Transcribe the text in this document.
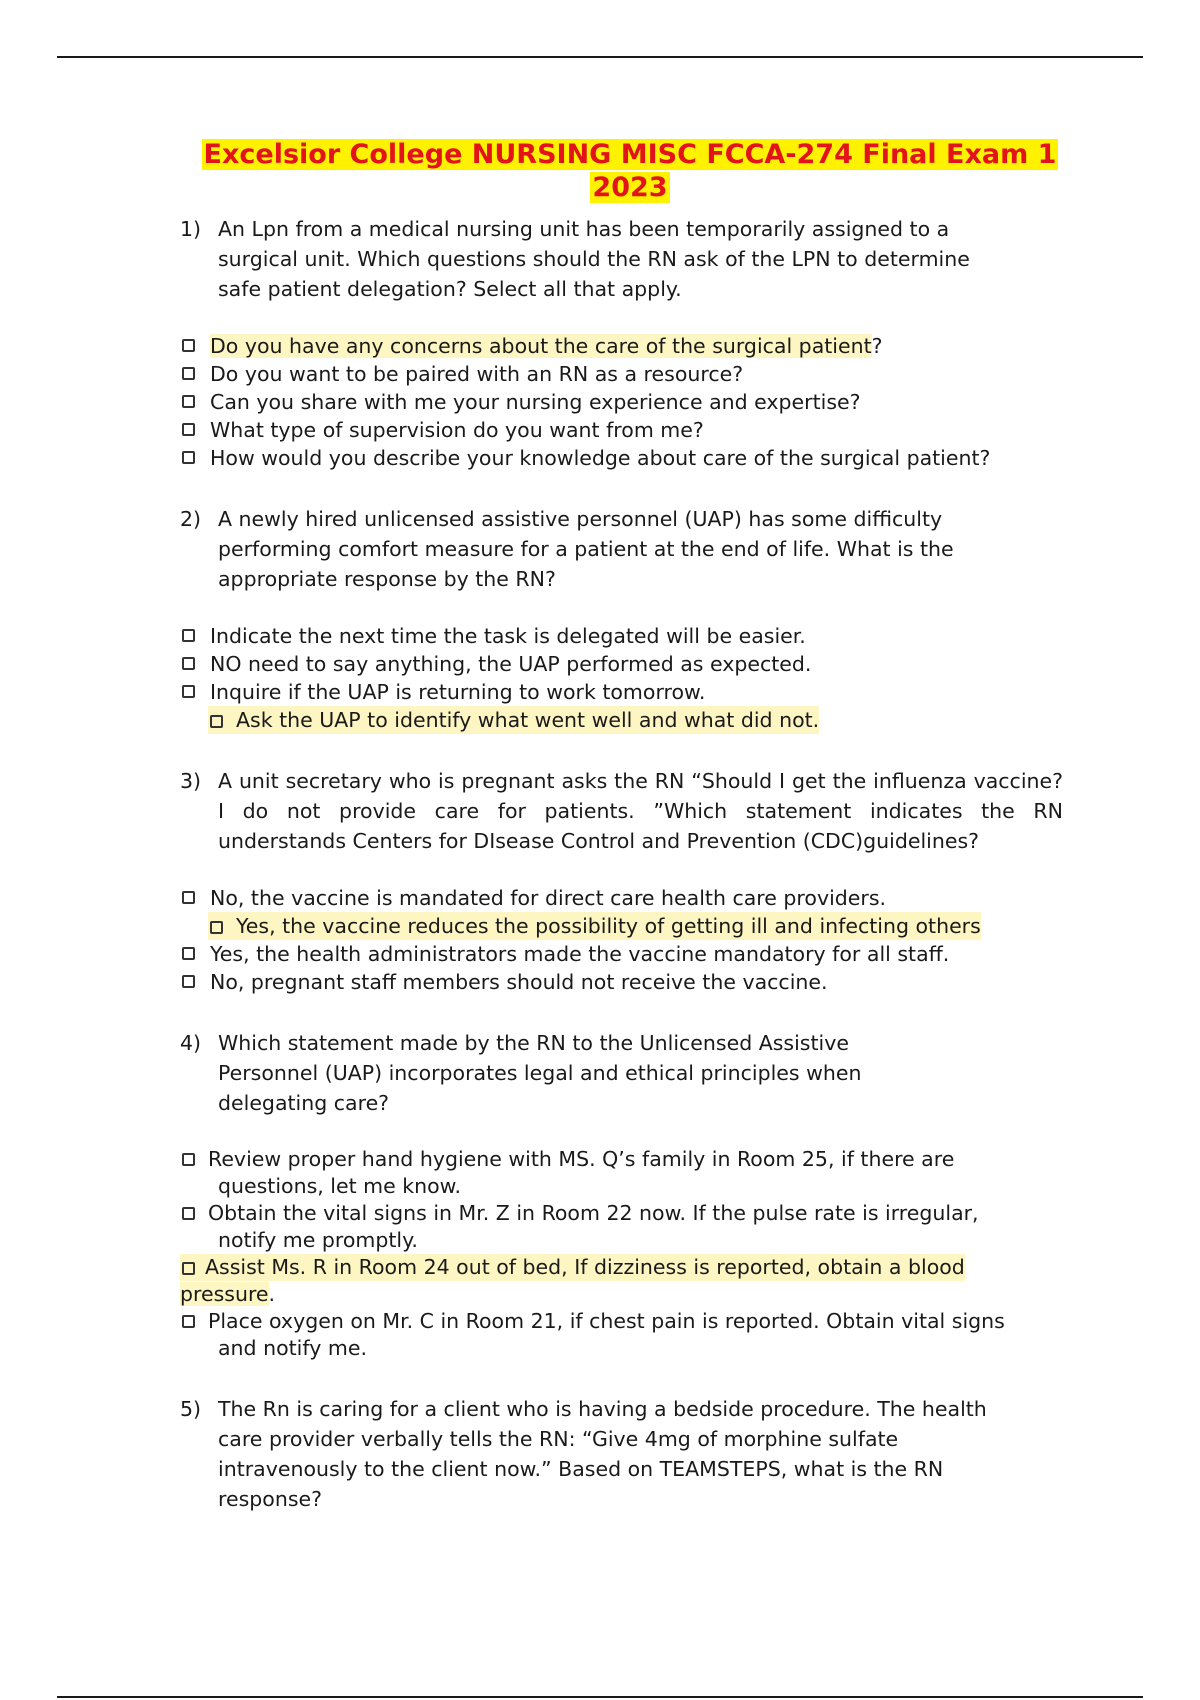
Excelsior College NURSING MISC FCCA-274 Final Exam 1
2023
1) An Lpn from a medical nursing unit has been temporarily assigned to a surgical unit. Which questions should the RN ask of the LPN to determine safe patient delegation? Select all that apply.
Do you have any concerns about the care of the surgical patient?
Do you want to be paired with an RN as a resource?
Can you share with me your nursing experience and expertise?
What type of supervision do you want from me?
How would you describe your knowledge about care of the surgical patient?
2) A newly hired unlicensed assistive personnel (UAP) has some difficulty performing comfort measure for a patient at the end of life. What is the appropriate response by the RN?
Indicate the next time the task is delegated will be easier.
NO need to say anything, the UAP performed as expected.
Inquire if the UAP is returning to work tomorrow.
Ask the UAP to identify what went well and what did not.
3) A unit secretary who is pregnant asks the RN “Should I get the influenza vaccine? I do not provide care for patients. ”Which statement indicates the RN understands Centers for DIsease Control and Prevention (CDC)guidelines?
No, the vaccine is mandated for direct care health care providers.
Yes, the vaccine reduces the possibility of getting ill and infecting others
Yes, the health administrators made the vaccine mandatory for all staff.
No, pregnant staff members should not receive the vaccine.
4) Which statement made by the RN to the Unlicensed Assistive
Personnel (UAP) incorporates legal and ethical principles when
delegating care?
Review proper hand hygiene with MS. Q’s family in Room 25, if there are
questions, let me know.
Obtain the vital signs in Mr. Z in Room 22 now. If the pulse rate is irregular,
notify me promptly.
Assist Ms. R in Room 24 out of bed, If dizziness is reported, obtain a blood
pressure.
Place oxygen on Mr. C in Room 21, if chest pain is reported. Obtain vital signs
and notify me.
5) The Rn is caring for a client who is having a bedside procedure. The health care provider verbally tells the RN: “Give 4mg of morphine sulfate intravenously to the client now.” Based on TEAMSTEPS, what is the RN response?
